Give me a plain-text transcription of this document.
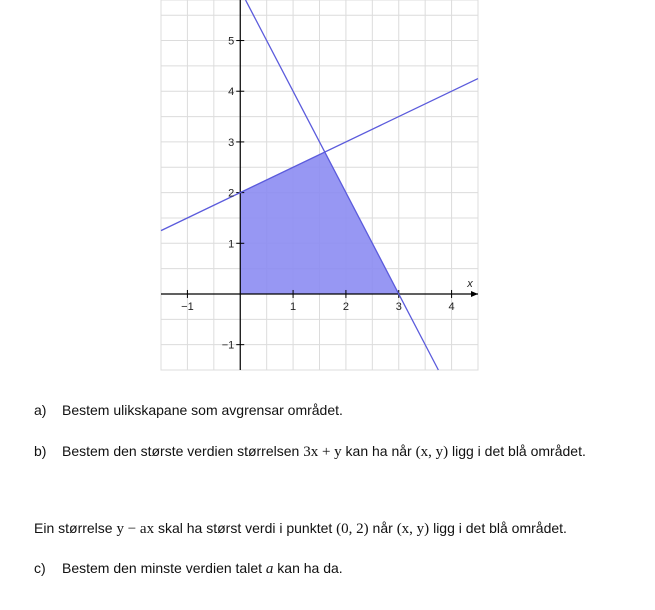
−1	1	2	3	4
−1
1
2
3
4
5
x
a) Bestem ulikskapane som avgrensar området.
b) Bestem den største verdien størrelsen 3x + y kan ha når (x, y) ligg i det blå området.
Ein størrelse y − ax skal ha størst verdi i punktet (0, 2) når (x, y) ligg i det blå området.
c) Bestem den minste verdien talet a kan ha da.
